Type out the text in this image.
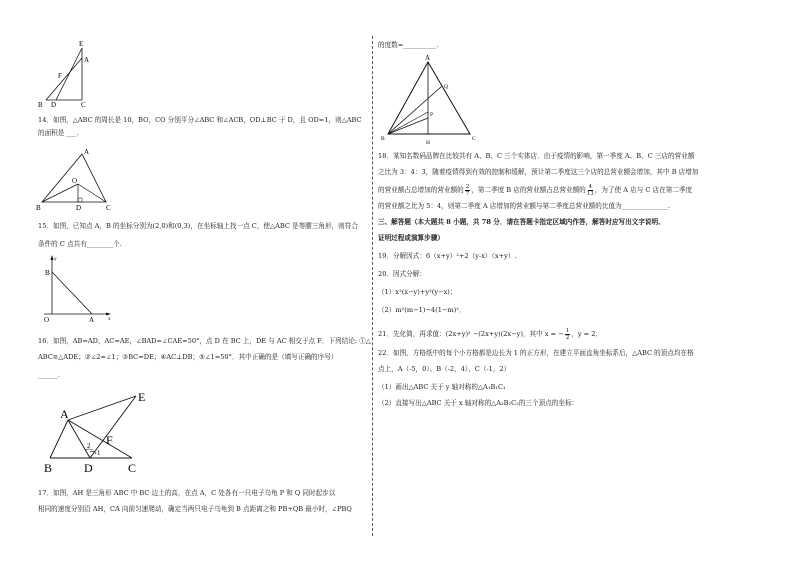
E
F
A
B D	C
14．如图，△ABC 的周长是 10，BO，CO 分别平分∠ABC 和∠ACB，OD⊥BC 于 D，且 OD=1，则△ABC
的面积是 ___.
A
O
B	D	C
15．如图，已知点 A，B 的坐标分别为(2,0)和(0,3)，在坐标轴上找一点 C，使△ABC 是等腰三角形，则符合
条件的 C 点共有________个.
y
B
O	A	x
16．如图，AB=AD，AC=AE，∠BAD=∠CAE=50°，点 D 在 BC 上，DE 与 AC 相交于点 F．下列结论: ①△
ABC≌△ADE；②∠2=∠1；③BC=DE；④AC⊥DB；⑤∠1=50°．其中正确的是（填写正确的序号）
______.
A
E
F
B	D	C
2
1
17．如图，AH 是三角形 ABC 中 BC 边上的高，在点 A，C 处各有一只电子乌龟 P 和 Q 同时起步以
相同的速度分别沿 AH，CA 向前匀速爬动，确定当两只电子乌龟到 B 点距离之和 PB+QB 最小时，∠PBQ
的度数=__________.
A
Q
P
B
H
C
18．某知名数码品牌在比较共有 A、B、C 三个实体店．由于疫情的影响，第一季度 A、B、C 三店的营业额
之比为 3：4：3，随着疫情得到有效的控制和缓解，预计第二季度这三个店的总营业额会增加，其中 B 店增加
的营业额占总增加的营业额的 $\frac{2}{7}$ ，第二季度 B 店的营业额占总营业额的 $\frac{4}{13}$ ，为了使 A 店与 C 店在第二季度
的营业额之比为 5：4，则第二季度 A 店增加的营业额与第二季度总营业额的比值为______________.
三、解答题（本大题共 8 小题，共 78 分．请在答题卡指定区域内作答，解答时应写出文字说明、
证明过程或演算步骤）
19．分解因式：6（x+y）²+2（y-x）（x+y）.
20．因式分解：
（1）x²(x−y)+y²(y−x)；
（2）m²(m−1)−4(1−m)²．
21．先化简，再求值：(2x+y)² −(2x+y)(2x−y)，其中 x = − $\frac{1}{2}$ ，y = 2．
22．如图，方格纸中的每个小方格都是边长为 1 的正方形，在建立平面直角坐标系后，△ABC 的顶点均在格
点上，A（-5，0）、B（-2，4）、C（-1，2）
（1）画出△ABC 关于 y 轴对称的△A₁B₁C₁
（2）直接写出△ABC 关于 x 轴对称的△A₂B₂C₂的三个顶点的坐标：
